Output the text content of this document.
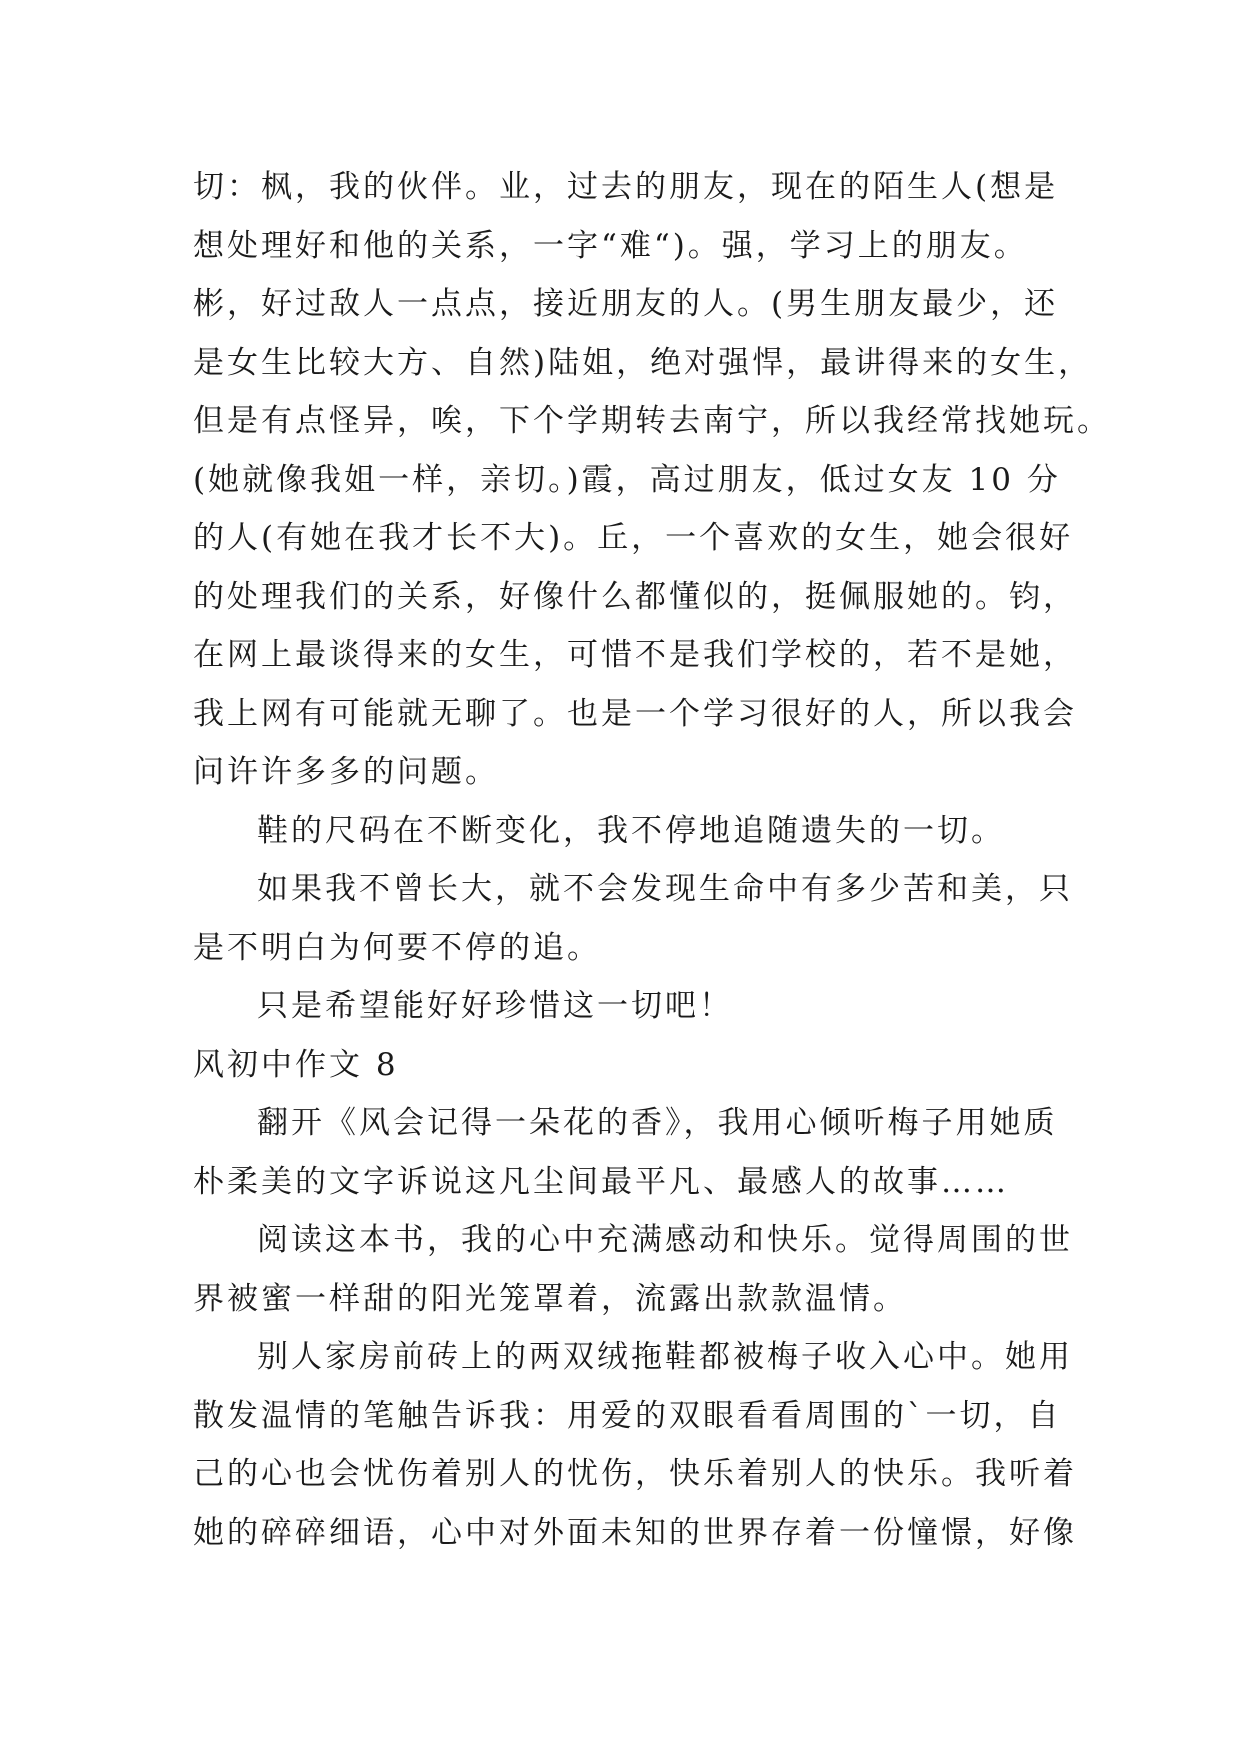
切：枫，我的伙伴。业，过去的朋友，现在的陌生人(想是
想处理好和他的关系，一字“难“)。强，学习上的朋友。
彬，好过敌人一点点，接近朋友的人。(男生朋友最少，还
是女生比较大方、自然)陆姐，绝对强悍，最讲得来的女生，
但是有点怪异，唉，下个学期转去南宁，所以我经常找她玩。
(她就像我姐一样，亲切。)霞，高过朋友，低过女友 10 分
的人(有她在我才长不大)。丘，一个喜欢的女生，她会很好
的处理我们的关系，好像什么都懂似的，挺佩服她的。钧，
在网上最谈得来的女生，可惜不是我们学校的，若不是她，
我上网有可能就无聊了。也是一个学习很好的人，所以我会
问许许多多的问题。
鞋的尺码在不断变化，我不停地追随遗失的一切。
如果我不曾长大，就不会发现生命中有多少苦和美，只
是不明白为何要不停的追。
只是希望能好好珍惜这一切吧！
风初中作文 8
翻开《风会记得一朵花的香》，我用心倾听梅子用她质
朴柔美的文字诉说这凡尘间最平凡、最感人的故事……
阅读这本书，我的心中充满感动和快乐。觉得周围的世
界被蜜一样甜的阳光笼罩着，流露出款款温情。
别人家房前砖上的两双绒拖鞋都被梅子收入心中。她用
散发温情的笔触告诉我：用爱的双眼看看周围的`一切，自
己的心也会忧伤着别人的忧伤，快乐着别人的快乐。我听着
她的碎碎细语，心中对外面未知的世界存着一份憧憬，好像
